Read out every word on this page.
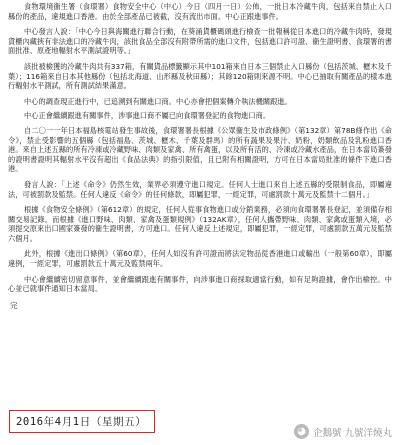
食物環境衞生署（食環署）食物安全中心（中心）今日（四月一日）公佈，一批日本冷藏牛肉，包括來自禁止入口縣份的產品，違規進口香港。由於全部產品已被截，沒有流出市面。中心正跟進事件。

中心發言人說：「中心今日與海關進行聯合行動，在葵涌貨櫃碼頭進行檢查一批報稱從日本進口的冷藏牛肉時，發現貨櫃內藏挾有非法進口的冷藏牛肉，該批食品全部沒有附帶所需的進口文件，包括進口許可證、衞生證明書、食環署的書面批准、原產地輻射水平測試證明等。」

該批被檢獲的冷藏牛肉共有337箱，有關貨品標籤顯示其中101箱來自日本三個禁止入口縣份（包括茨城、櫪木及千葉）；116箱來自日本其他縣份（包括北海道、山形縣及秋田縣）；其餘120箱則來源不明。中心已抽取有關產品的樣本進行輻射水平測試，所有測試結果滿意。

中心的調查現正進行中，已追溯到有關進口商。中心亦會把個案轉介執法機關跟進。

中心正會繼續跟進有關事件，涉事進口商不屬已向食環署登記的食物進口商。

自二〇一一年日本福島核電站發生事故後，食環署署長根據《公眾衞生及市政條例》（第132章）第78B條作出《命令》，禁止受影響的五個縣（包括福島、茨城、櫪木、千葉及群馬）的所有蔬果及果汁、奶粉，奶類飲品及乳粉進口香港。來自上述五縣的所有冷凍或冷藏野味、肉類及家禽、所有禽蛋，以及所有活的、冷凍或冷藏水產品，在日本當局簽發的證明書證明其輻射水平沒有超出《食品法典》的指引限值，且已附有相關證明，方可在日本當局批准的條件下進口香港。

發言人說：「上述《命令》仍然生效，業界必須遵守進口規定。任何人士進口來自上述五縣的受限制食品，即屬違法，可被罰款及監禁。任何人違反《命令》的任何條款，即屬犯罪，一經定罪，可處罰款十萬元及監禁十二個月。」

根據《食物安全條例》（第612章）的規定，任何人從事食物進口或分銷業務，必須向食環署署長登記，並須備存相關交易記錄。而根據《進口野味、肉類、家禽及蛋類規例》（132AK章），任何人攜帶野味、肉類、家禽或蛋類入境，必須提交原來出口國家簽發的衞生證明書，方可進口。任何人違反上述規定，即屬犯罪，一經定罪，可處罰款五萬元及監禁六個月。

此外，根據《進出口條例》（第60章），任何人如沒有許可證而將法定物品從香港進口或輸出（一般第60章），即屬違例，一經定罪，可處罰款五十萬元及監禁兩年。

中心會繼續密切留意事件，並會繼續跟進有關事件，向涉事進口商採取適當行動，如有足夠證據，會作出檢控。中心並已就事件通知日本當局。

完
2016年4月1日（星期五）
◕ 企鵝號 九號洋燒丸
